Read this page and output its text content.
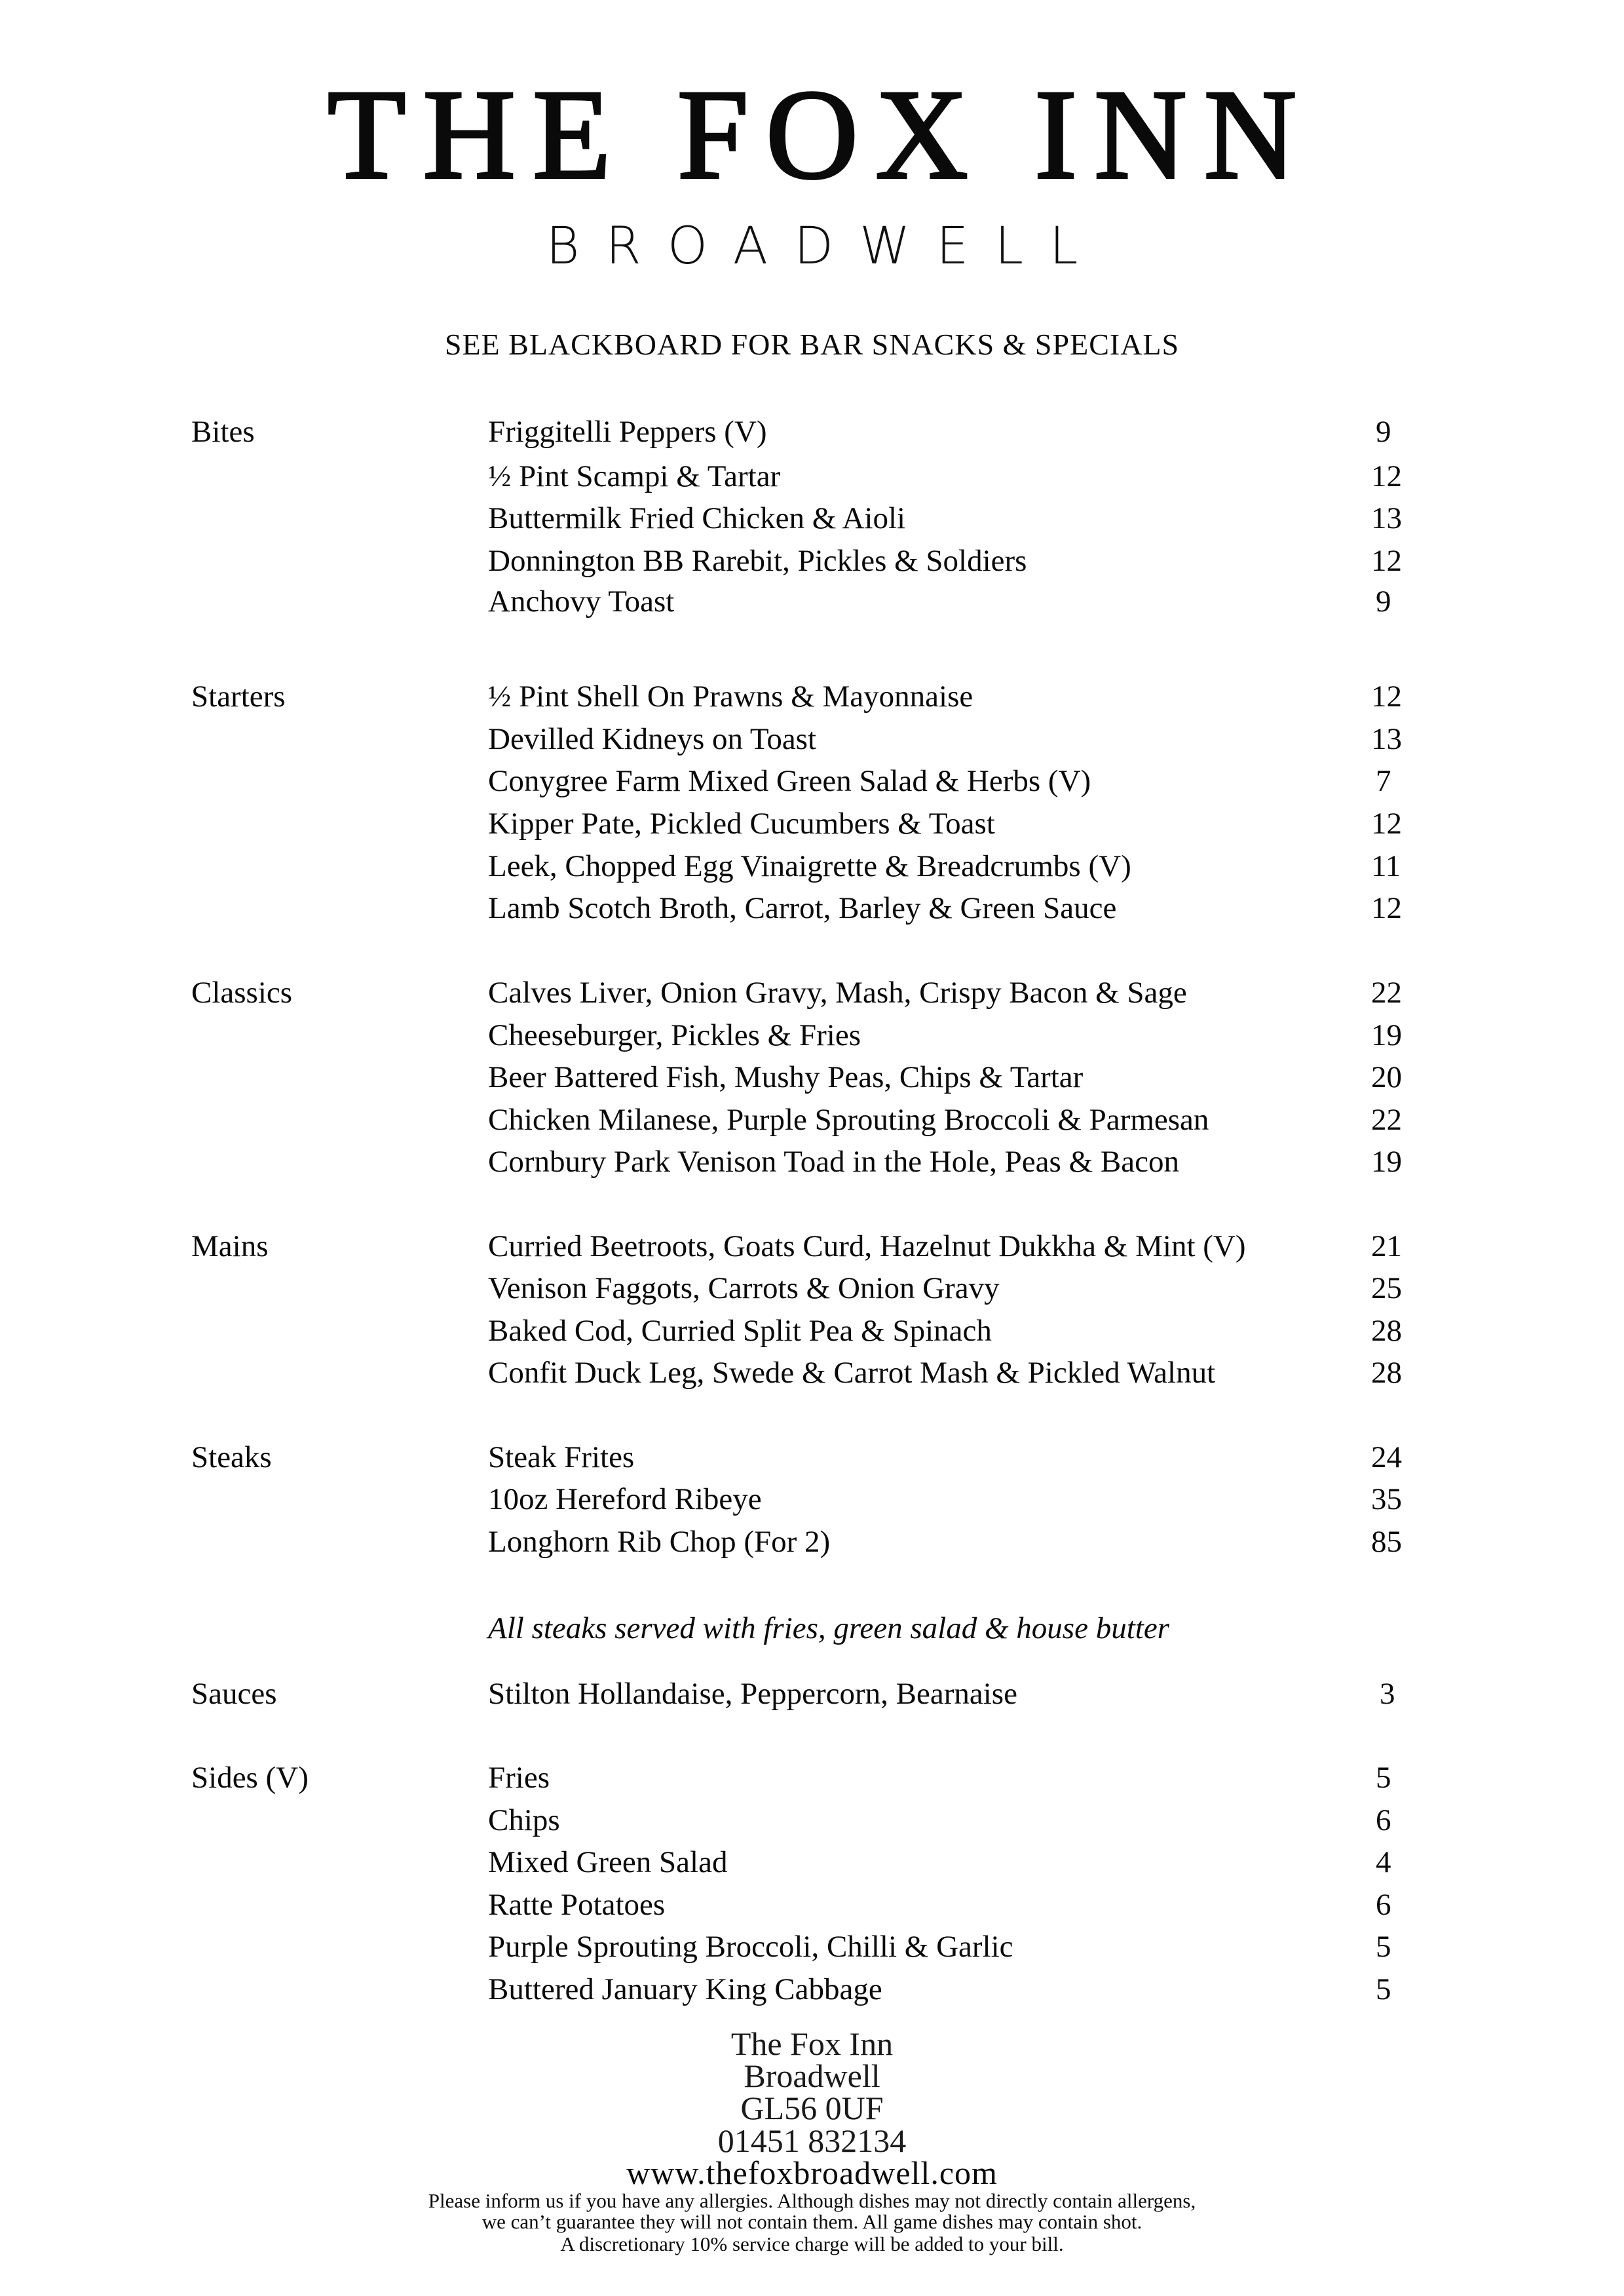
THE FOX INN
BROADWELL
SEE BLACKBOARD FOR BAR SNACKS & SPECIALS
Bites	Friggitelli Peppers (V)	9
½ Pint Scampi & Tartar	12
Buttermilk Fried Chicken & Aioli	13
Donnington BB Rarebit, Pickles & Soldiers	12
Anchovy Toast	9
Starters	½ Pint Shell On Prawns & Mayonnaise	12
Devilled Kidneys on Toast	13
Conygree Farm Mixed Green Salad & Herbs (V)	7
Kipper Pate, Pickled Cucumbers & Toast	12
Leek, Chopped Egg Vinaigrette & Breadcrumbs (V)	11
Lamb Scotch Broth, Carrot, Barley & Green Sauce	12
Classics	Calves Liver, Onion Gravy, Mash, Crispy Bacon & Sage	22
Cheeseburger, Pickles & Fries	19
Beer Battered Fish, Mushy Peas, Chips & Tartar	20
Chicken Milanese, Purple Sprouting Broccoli & Parmesan	22
Cornbury Park Venison Toad in the Hole, Peas & Bacon	19
Mains	Curried Beetroots, Goats Curd, Hazelnut Dukkha & Mint (V)	21
Venison Faggots, Carrots & Onion Gravy	25
Baked Cod, Curried Split Pea & Spinach	28
Confit Duck Leg, Swede & Carrot Mash & Pickled Walnut	28
Steaks	Steak Frites	24
10oz Hereford Ribeye	35
Longhorn Rib Chop (For 2)	85
All steaks served with fries, green salad & house butter
Sauces	Stilton Hollandaise, Peppercorn, Bearnaise	3
Sides (V)	Fries	5
Chips	6
Mixed Green Salad	4
Ratte Potatoes	6
Purple Sprouting Broccoli, Chilli & Garlic	5
Buttered January King Cabbage	5
The Fox Inn
Broadwell
GL56 0UF
01451 832134
www.thefoxbroadwell.com
Please inform us if you have any allergies. Although dishes may not directly contain allergens,
we can’t guarantee they will not contain them. All game dishes may contain shot.
A discretionary 10% service charge will be added to your bill.
